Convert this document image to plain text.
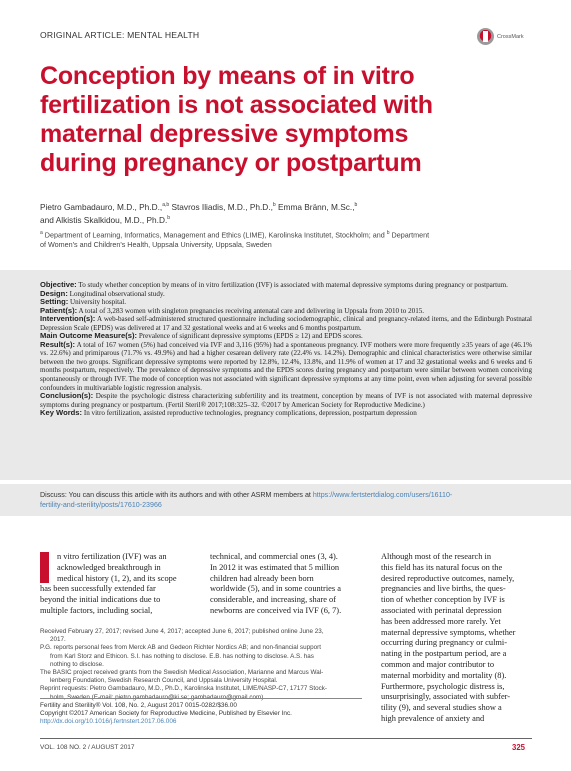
ORIGINAL ARTICLE: MENTAL HEALTH	CrossMark
Conception by means of in vitro
fertilization is not associated with
maternal depressive symptoms
during pregnancy or postpartum
Pietro Gambadauro, M.D., Ph.D.,$^{a,b}$ Stavros Iliadis, M.D., Ph.D.,$^b$ Emma Bränn, M.Sc.,$^b$
and Alkistis Skalkidou, M.D., Ph.D.$^b$
$^a$ Department of Learning, Informatics, Management and Ethics (LIME), Karolinska Institutet, Stockholm; and $^b$ Department
of Women's and Children's Health, Uppsala University, Uppsala, Sweden

Objective: To study whether conception by means of in vitro fertilization (IVF) is associated with maternal depressive symptoms during pregnancy or postpartum.

Design: Longitudinal observational study.

Setting: University hospital.

Patient(s): A total of 3,283 women with singleton pregnancies receiving antenatal care and delivering in Uppsala from 2010 to 2015.

Intervention(s): A web-based self-administered structured questionnaire including sociodemographic, clinical and pregnancy-related items, and the Edinburgh Postnatal Depression Scale (EPDS) was delivered at 17 and 32 gestational weeks and at 6 weeks and 6 months postpartum.

Main Outcome Measure(s): Prevalence of significant depressive symptoms (EPDS ≥ 12) and EPDS scores.

Result(s): A total of 167 women (5%) had conceived via IVF and 3,116 (95%) had a spontaneous pregnancy. IVF mothers were more frequently ≥35 years of age (46.1% vs. 22.6%) and primiparous (71.7% vs. 49.9%) and had a higher cesarean delivery rate (22.4% vs. 14.2%). Demographic and clinical characteristics were otherwise similar between the two groups. Significant depressive symptoms were reported by 12.8%, 12.4%, 13.8%, and 11.9% of women at 17 and 32 gestational weeks and 6 weeks and 6 months postpartum, respectively. The prevalence of depressive symptoms and the EPDS scores during pregnancy and postpartum were similar between women conceiving spontaneously or through IVF. The mode of conception was not associated with significant depressive symptoms at any time point, even when adjusting for several possible confounders in multivariable logistic regression analysis.

Conclusion(s): Despite the psychologic distress characterizing subfertility and its treatment, conception by means of IVF is not associated with maternal depressive symptoms during pregnancy or postpartum. (Fertil Steril® 2017;108:325–32. ©2017 by American Society for Reproductive Medicine.)

Key Words: In vitro fertilization, assisted reproductive technologies, pregnancy complications, depression, postpartum depression

Discuss: You can discuss this article with its authors and with other ASRM members at https://www.fertstertdialog.com/users/16110-
fertility-and-sterility/posts/17610-23966
n vitro fertilization (IVF) was an
acknowledged breakthrough in
medical history (1, 2), and its scope
has been successfully extended far
beyond the initial indications due to
multiple factors, including social,
technical, and commercial ones (3, 4).
In 2012 it was estimated that 5 million
children had already been born
worldwide (5), and in some countries a
considerable, and increasing, share of
newborns are conceived via IVF (6, 7).
Although most of the research in
this field has its natural focus on the
desired reproductive outcomes, namely,
pregnancies and live births, the ques-
tion of whether conception by IVF is
associated with perinatal depression
has been addressed more rarely. Yet
maternal depressive symptoms, whether
occurring during pregnancy or culmi-
nating in the postpartum period, are a
common and major contributor to
maternal morbidity and mortality (8).
Furthermore, psychologic distress is,
unsurprisingly, associated with subfer-
tility (9), and several studies show a
high prevalence of anxiety and
Received February 27, 2017; revised June 4, 2017; accepted June 6, 2017; published online June 23,
2017.
P.G. reports personal fees from Merck AB and Gedeon Richter Nordics AB; and non-financial support
from Karl Storz and Ethicon. S.I. has nothing to disclose. E.B. has nothing to disclose. A.S. has
nothing to disclose.
The BASIC project received grants from the Swedish Medical Association, Marianne and Marcus Wal-
lenberg Foundation, Swedish Research Council, and Uppsala University Hospital.
Reprint requests: Pietro Gambadauro, M.D., Ph.D., Karolinska Institutet, LIME/NASP-C7, 17177 Stock-
holm, Sweden (E-mail: pietro.gambadauro@ki.se; gambadauro@gmail.com).
Fertility and Sterility® Vol. 108, No. 2, August 2017 0015-0282/$36.00
Copyright ©2017 American Society for Reproductive Medicine, Published by Elsevier Inc.
http://dx.doi.org/10.1016/j.fertnstert.2017.06.006
VOL. 108 NO. 2 / AUGUST 2017	325
